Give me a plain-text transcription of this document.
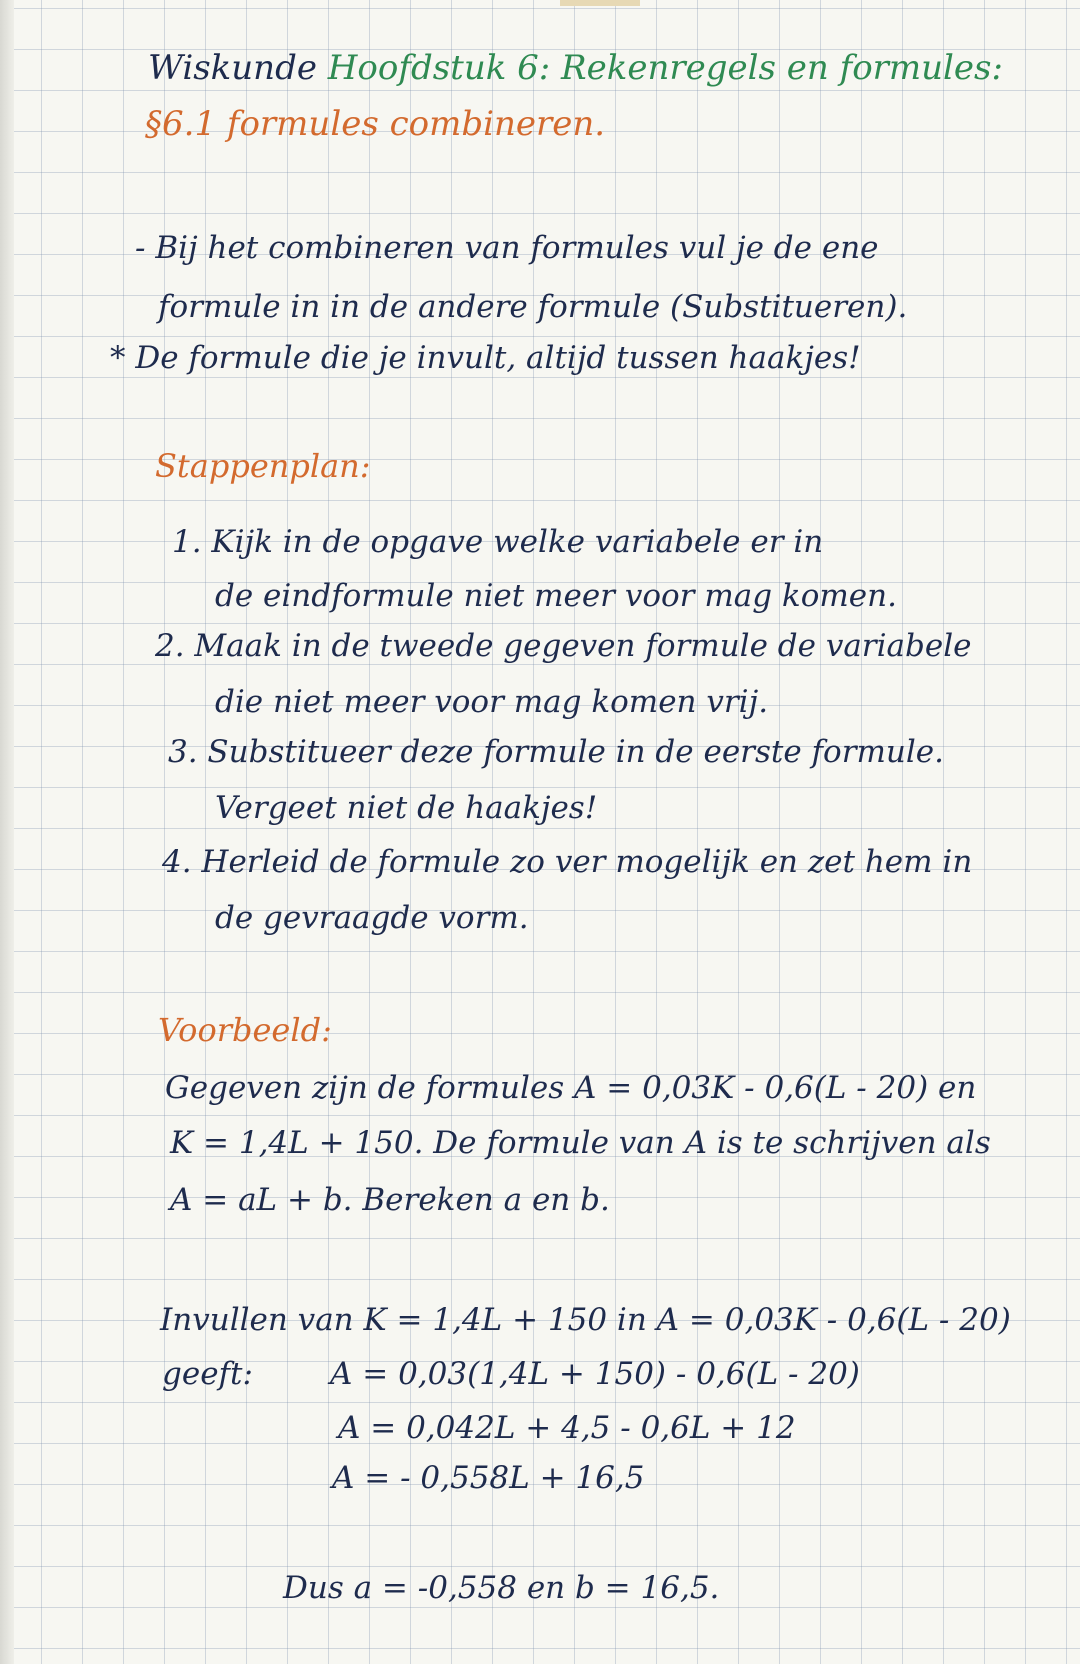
Wiskunde Hoofdstuk 6: Rekenregels en formules:
§6.1 formules combineren.
- Bij het combineren van formules vul je de ene
formule in in de andere formule (Substitueren).
* De formule die je invult, altijd tussen haakjes!
Stappenplan:
1. Kijk in de opgave welke variabele er in
de eindformule niet meer voor mag komen.
2. Maak in de tweede gegeven formule de variabele
die niet meer voor mag komen vrij.
3. Substitueer deze formule in de eerste formule.
Vergeet niet de haakjes!
4. Herleid de formule zo ver mogelijk en zet hem in
de gevraagde vorm.
Voorbeeld:
Gegeven zijn de formules A = 0,03K - 0,6(L - 20) en
K = 1,4L + 150. De formule van A is te schrijven als
A = aL + b. Bereken a en b.
Invullen van K = 1,4L + 150 in A = 0,03K - 0,6(L - 20)
geeft: A = 0,03(1,4L + 150) - 0,6(L - 20)
A = 0,042L + 4,5 - 0,6L + 12
A = - 0,558L + 16,5
Dus a = -0,558 en b = 16,5.
